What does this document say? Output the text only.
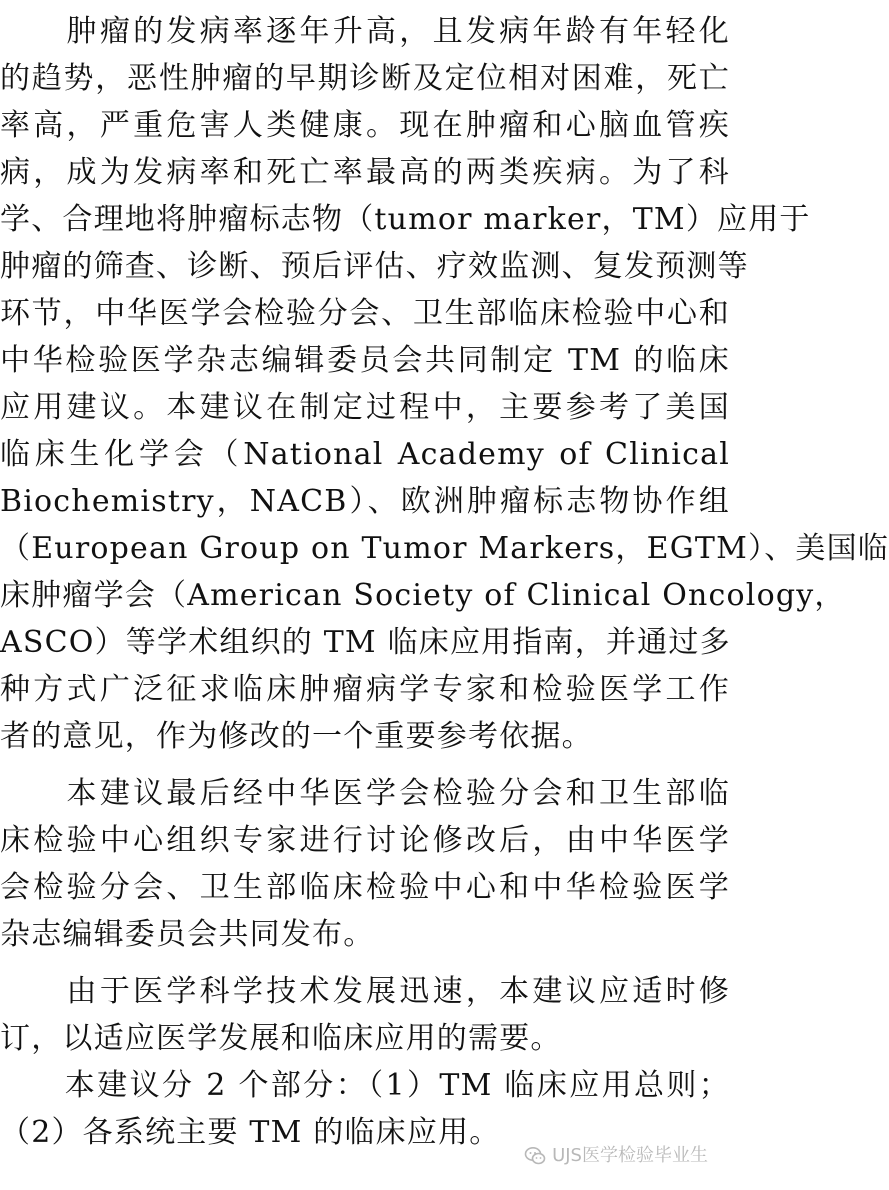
　　肿瘤的发病率逐年升高，且发病年龄有年轻化
的趋势，恶性肿瘤的早期诊断及定位相对困难，死亡
率高，严重危害人类健康。现在肿瘤和心脑血管疾
病，成为发病率和死亡率最高的两类疾病。为了科
学、合理地将肿瘤标志物（tumor marker，TM）应用于
肿瘤的筛查、诊断、预后评估、疗效监测、复发预测等
环节，中华医学会检验分会、卫生部临床检验中心和
中华检验医学杂志编辑委员会共同制定 TM 的临床
应用建议。本建议在制定过程中，主要参考了美国
临床生化学会（National Academy of Clinical
Biochemistry，NACB）、欧洲肿瘤标志物协作组
（European Group on Tumor Markers，EGTM）、美国临
床肿瘤学会（American Society of Clinical Oncology，
ASCO）等学术组织的 TM 临床应用指南，并通过多
种方式广泛征求临床肿瘤病学专家和检验医学工作
者的意见，作为修改的一个重要参考依据。
　　本建议最后经中华医学会检验分会和卫生部临
床检验中心组织专家进行讨论修改后，由中华医学
会检验分会、卫生部临床检验中心和中华检验医学
杂志编辑委员会共同发布。
　　由于医学科学技术发展迅速，本建议应适时修
订，以适应医学发展和临床应用的需要。
　　本建议分 2 个部分：（1）TM 临床应用总则；
（2）各系统主要 TM 的临床应用。
UJS医学检验毕业生
